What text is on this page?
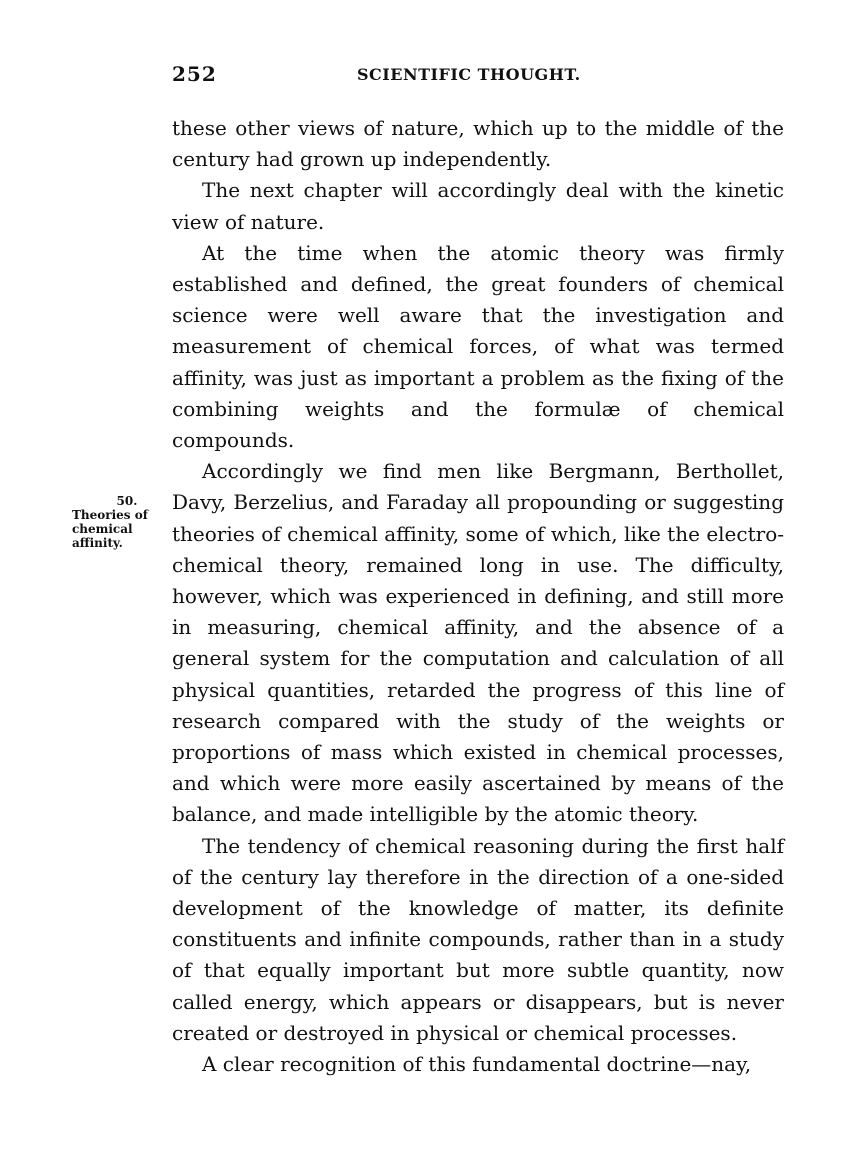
252	SCIENTIFIC THOUGHT.
50.
Theories of chemical affinity.

these other views of nature, which up to the middle of the century had grown up independently.

The next chapter will accordingly deal with the kinetic view of nature.

At the time when the atomic theory was firmly established and defined, the great founders of chemical science were well aware that the investigation and measurement of chemical forces, of what was termed affinity, was just as important a problem as the fixing of the combining weights and the formulæ of chemical compounds.

Accordingly we find men like Bergmann, Berthollet, Davy, Berzelius, and Faraday all propounding or suggesting theories of chemical affinity, some of which, like the electro-chemical theory, remained long in use. The difficulty, however, which was experienced in defining, and still more in measuring, chemical affinity, and the absence of a general system for the computation and calculation of all physical quantities, retarded the progress of this line of research compared with the study of the weights or proportions of mass which existed in chemical processes, and which were more easily ascertained by means of the balance, and made intelligible by the atomic theory.

The tendency of chemical reasoning during the first half of the century lay therefore in the direction of a one-sided development of the knowledge of matter, its definite constituents and infinite compounds, rather than in a study of that equally important but more subtle quantity, now called energy, which appears or disappears, but is never created or destroyed in physical or chemical processes.

A clear recognition of this fundamental doctrine—nay,
